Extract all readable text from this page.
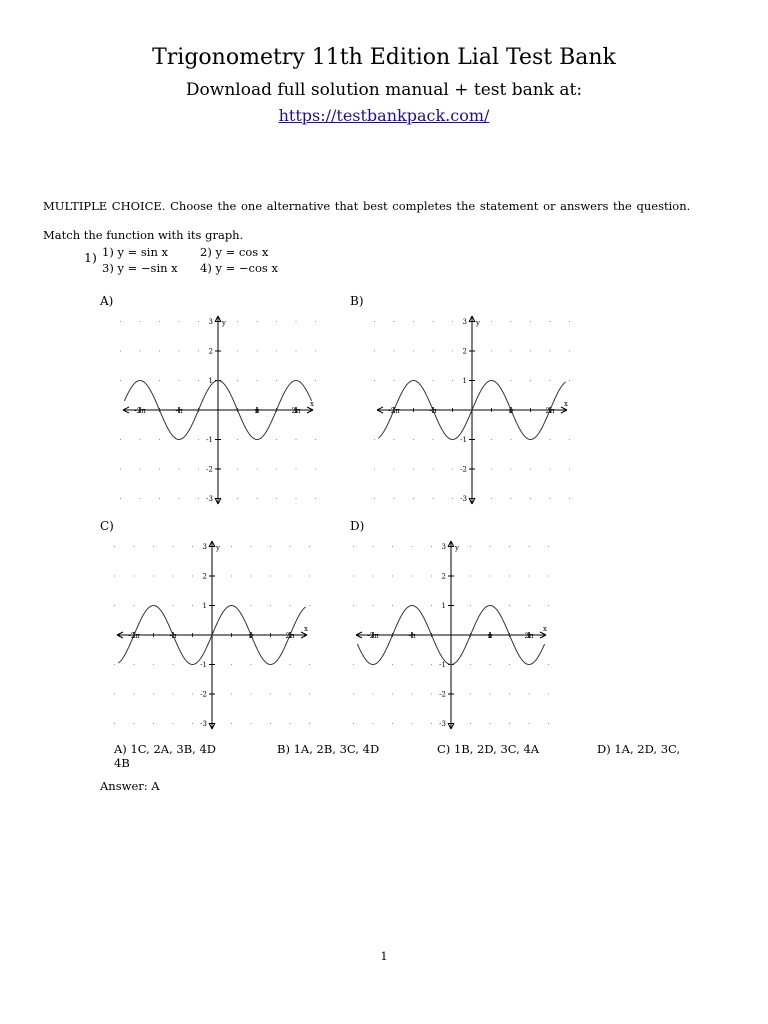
Trigonometry 11th Edition Lial Test Bank
Download full solution manual + test bank at:
https://testbankpack.com/
MULTIPLE CHOICE. Choose the one alternative that best completes the statement or answers the question.
Match the function with its graph.
1) 1) y = sin x	2) y = cos x
3) y = −sin x 4) y = −cos x
A)	B)
C)	D)
3
2
1
-1
-2
-3
-2π	-π	π	2π
x
y	3
2
1
-1
-2
-3
-2π	-π	π	2π
x
y
3
2
1
-1
-2
-3
-2π	-π	π	2π
x
y	3
2
1
-1
-2
-3
-2π	-π	π	2π
x
y
A) 1C, 2A, 3B, 4D	B) 1A, 2B, 3C, 4D	C) 1B, 2D, 3C, 4A	D) 1A, 2D, 3C,
4B
Answer: A
1
